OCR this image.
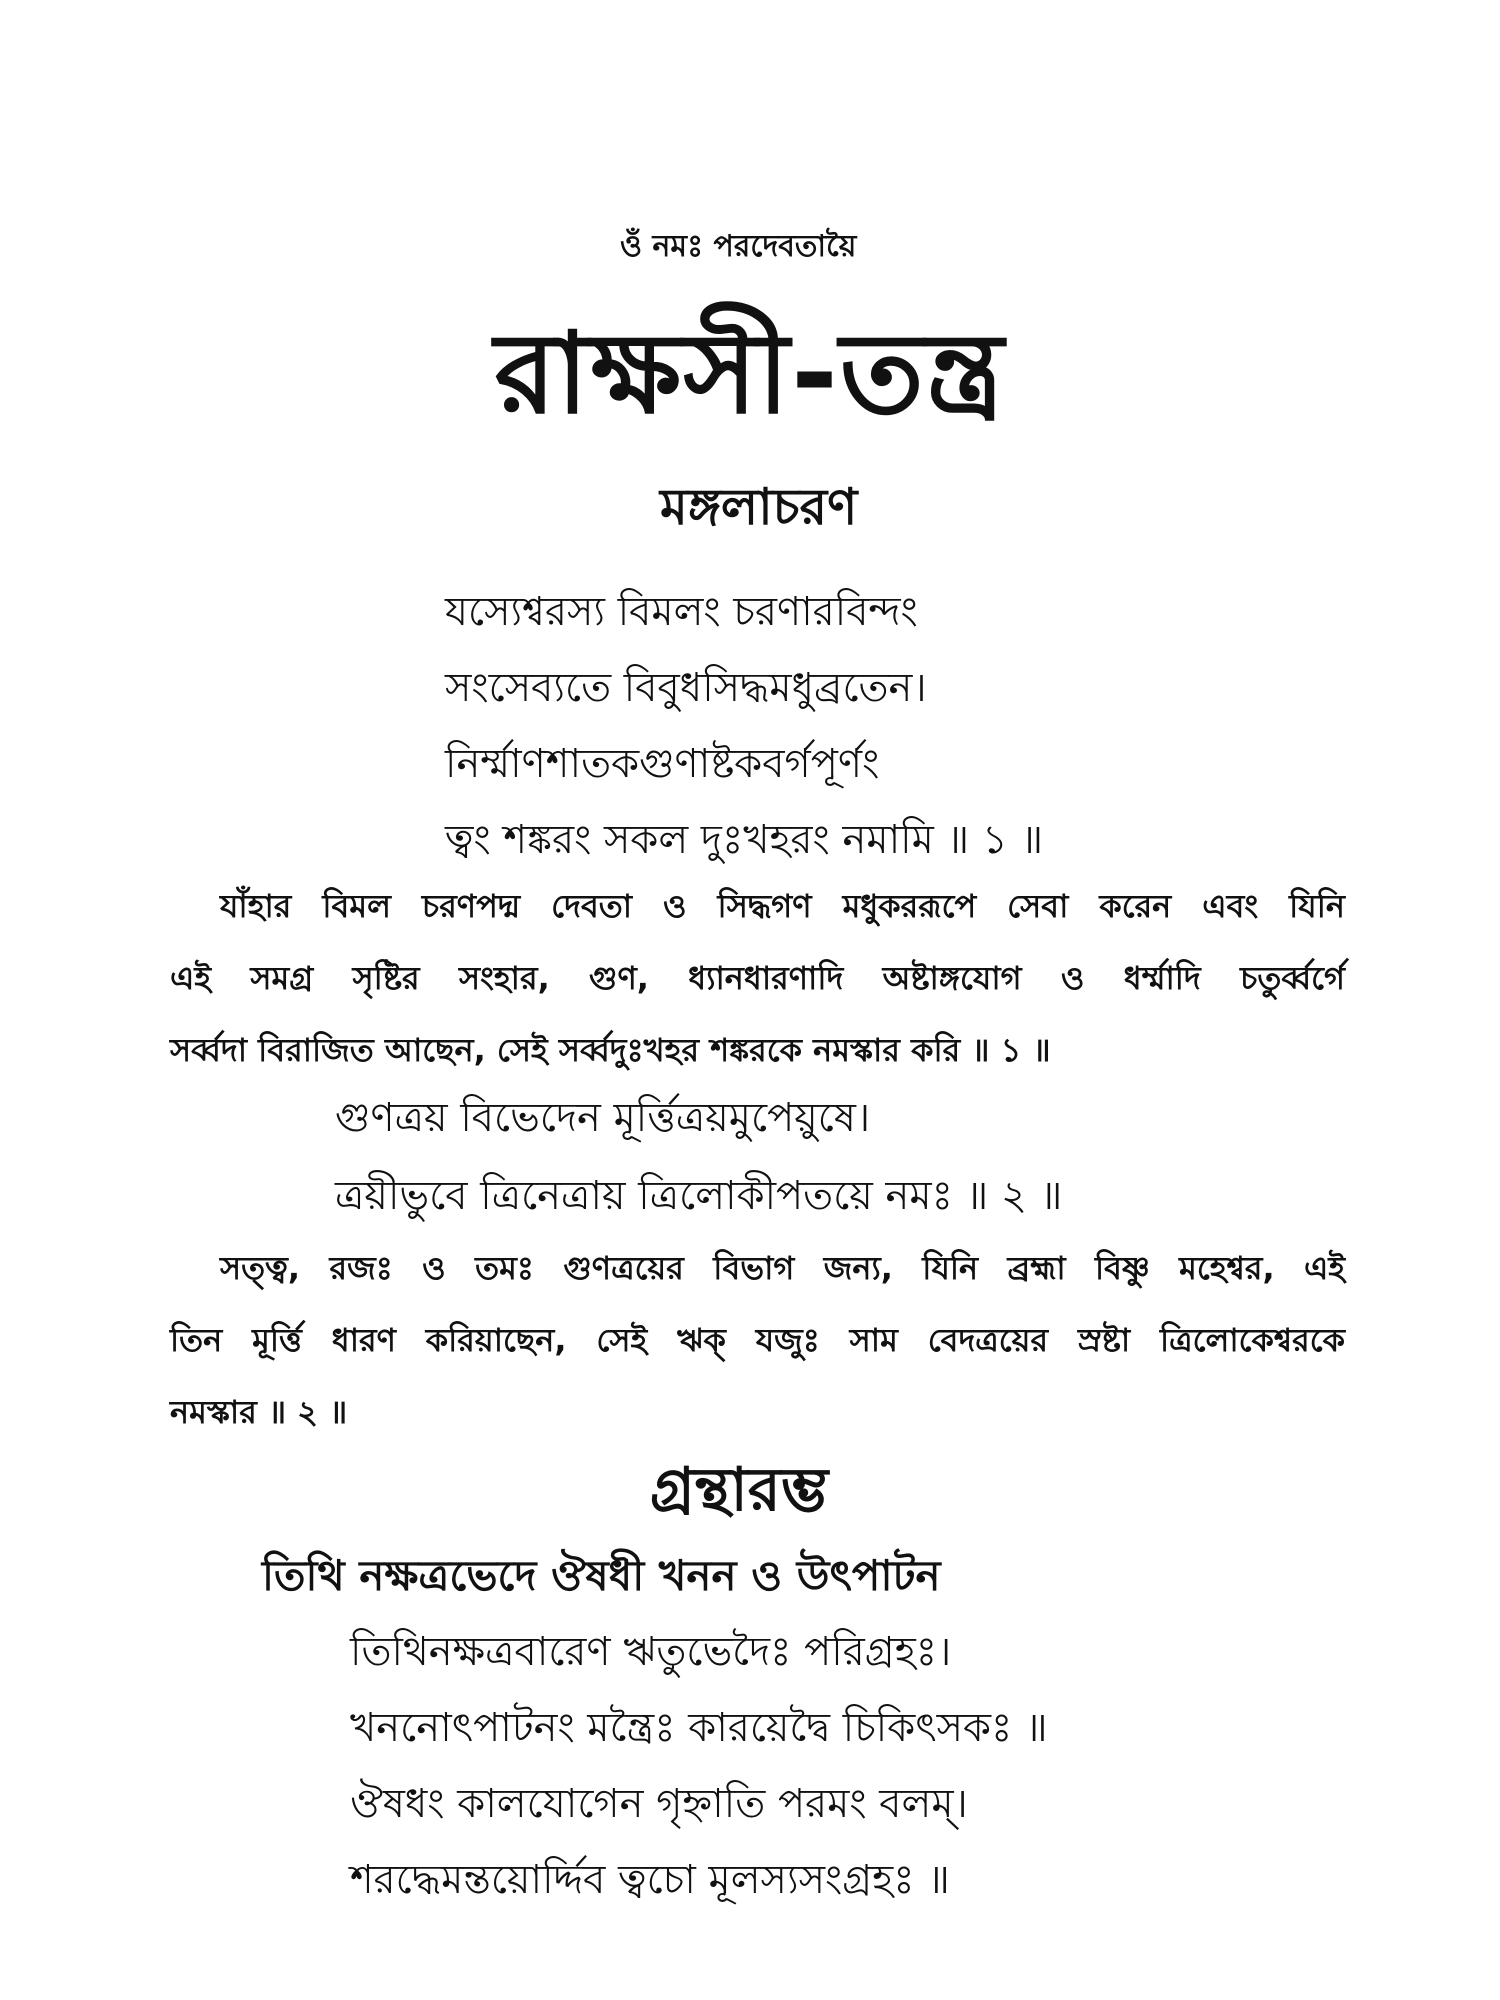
ওঁ নমঃ পরদেবতায়ৈ
রাক্ষসী-তন্ত্র
মঙ্গলাচরণ
যস্যেশ্বরস্য বিমলং চরণারবিন্দং
সংসেব্যতে বিবুধসিদ্ধমধুব্রতেন।
নির্ম্মাণশাতকগুণাষ্টকবর্গপূর্ণং
ত্বং শঙ্করং সকল দুঃখহরং নমামি ॥ ১ ॥
যাঁহার বিমল চরণপদ্ম দেবতা ও সিদ্ধগণ মধুকররূপে সেবা করেন এবং যিনি
এই সমগ্র সৃষ্টির সংহার, গুণ, ধ্যানধারণাদি অষ্টাঙ্গযোগ ও ধর্ম্মাদি চতুর্ব্বর্গে
সর্ব্বদা বিরাজিত আছেন, সেই সর্ব্বদুঃখহর শঙ্করকে নমস্কার করি ॥ ১ ॥
গুণত্রয় বিভেদেন মূর্ত্তিত্রয়মুপেয়ুষে।
ত্রয়ীভুবে ত্রিনেত্রায় ত্রিলোকীপতয়ে নমঃ ॥ ২ ॥
সত্ত্ব, রজঃ ও তমঃ গুণত্রয়ের বিভাগ জন্য, যিনি ব্রহ্মা বিষ্ণু মহেশ্বর, এই
তিন মূর্ত্তি ধারণ করিয়াছেন, সেই ঋক্ যজুঃ সাম বেদত্রয়ের স্রষ্টা ত্রিলোকেশ্বরকে
নমস্কার ॥ ২ ॥
গ্রন্থারম্ভ
তিথি নক্ষত্রভেদে ঔষধী খনন ও উৎপাটন
তিথিনক্ষত্রবারেণ ঋতুভেদৈঃ পরিগ্রহঃ।
খননোৎপাটনং মন্ত্রৈঃ কারয়েদ্বৈ চিকিৎসকঃ ॥
ঔষধং কালযোগেন গৃহ্নাতি পরমং বলম্।
শরদ্ধেমন্তয়োর্দ্দিব ত্বচো মূলস্যসংগ্রহঃ ॥
